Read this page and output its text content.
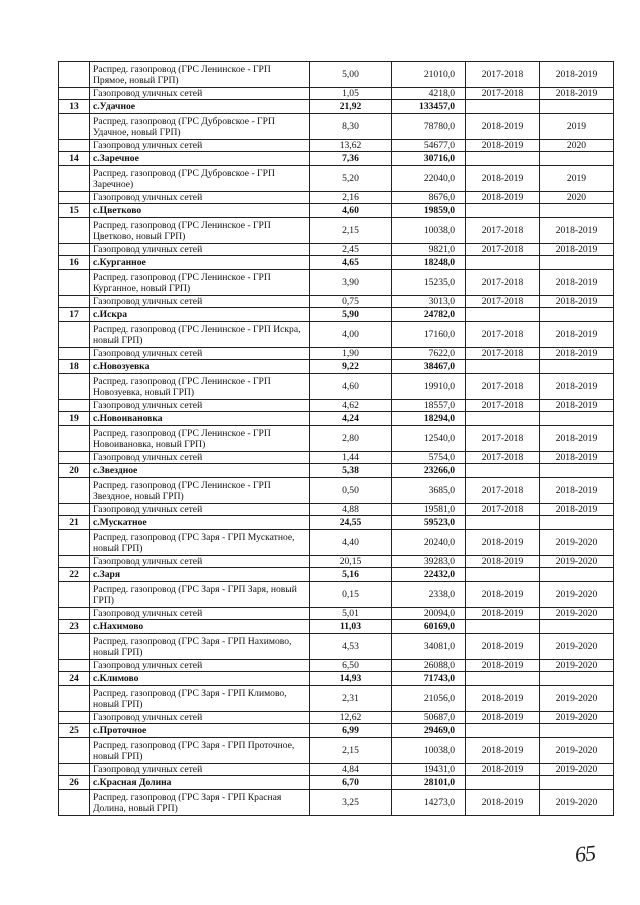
	Распред. газопровод (ГРС Ленинское - ГРП Прямое, новый ГРП)	5,00	21010,0	2017-2018	2018-2019
	Газопровод уличных сетей	1,05	4218,0	2017-2018	2018-2019
13	с.Удачное	21,92	133457,0		
	Распред. газопровод (ГРС Дубровское - ГРП Удачное, новый ГРП)	8,30	78780,0	2018-2019	2019
	Газопровод уличных сетей	13,62	54677,0	2018-2019	2020
14	с.Заречное	7,36	30716,0		
	Распред. газопровод (ГРС Дубровское - ГРП Заречное)	5,20	22040,0	2018-2019	2019
	Газопровод уличных сетей	2,16	8676,0	2018-2019	2020
15	с.Цветково	4,60	19859,0		
	Распред. газопровод (ГРС Ленинское - ГРП Цветково, новый ГРП)	2,15	10038,0	2017-2018	2018-2019
	Газопровод уличных сетей	2,45	9821,0	2017-2018	2018-2019
16	с.Курганное	4,65	18248,0		
	Распред. газопровод (ГРС Ленинское - ГРП Курганное, новый ГРП)	3,90	15235,0	2017-2018	2018-2019
	Газопровод уличных сетей	0,75	3013,0	2017-2018	2018-2019
17	с.Искра	5,90	24782,0		
	Распред. газопровод (ГРС Ленинское - ГРП Искра, новый ГРП)	4,00	17160,0	2017-2018	2018-2019
	Газопровод уличных сетей	1,90	7622,0	2017-2018	2018-2019
18	с.Новозуевка	9,22	38467,0		
	Распред. газопровод (ГРС Ленинское - ГРП Новозуевка, новый ГРП)	4,60	19910,0	2017-2018	2018-2019
	Газопровод уличных сетей	4,62	18557,0	2017-2018	2018-2019
19	с.Новоивановка	4,24	18294,0		
	Распред. газопровод (ГРС Ленинское - ГРП Новоивановка, новый ГРП)	2,80	12540,0	2017-2018	2018-2019
	Газопровод уличных сетей	1,44	5754,0	2017-2018	2018-2019
20	с.Звездное	5,38	23266,0		
	Распред. газопровод (ГРС Ленинское - ГРП Звездное, новый ГРП)	0,50	3685,0	2017-2018	2018-2019
	Газопровод уличных сетей	4,88	19581,0	2017-2018	2018-2019
21	с.Мускатное	24,55	59523,0		
	Распред. газопровод (ГРС Заря - ГРП Мускатное, новый ГРП)	4,40	20240,0	2018-2019	2019-2020
	Газопровод уличных сетей	20,15	39283,0	2018-2019	2019-2020
22	с.Заря	5,16	22432,0		
	Распред. газопровод (ГРС Заря - ГРП Заря, новый ГРП)	0,15	2338,0	2018-2019	2019-2020
	Газопровод уличных сетей	5,01	20094,0	2018-2019	2019-2020
23	с.Нахимово	11,03	60169,0		
	Распред. газопровод (ГРС Заря - ГРП Нахимово, новый ГРП)	4,53	34081,0	2018-2019	2019-2020
	Газопровод уличных сетей	6,50	26088,0	2018-2019	2019-2020
24	с.Климово	14,93	71743,0		
	Распред. газопровод (ГРС Заря - ГРП Климово, новый ГРП)	2,31	21056,0	2018-2019	2019-2020
	Газопровод уличных сетей	12,62	50687,0	2018-2019	2019-2020
25	с.Проточное	6,99	29469,0		
	Распред. газопровод (ГРС Заря - ГРП Проточное, новый ГРП)	2,15	10038,0	2018-2019	2019-2020
	Газопровод уличных сетей	4,84	19431,0	2018-2019	2019-2020
26	с.Красная Долина	6,70	28101,0		
	Распред. газопровод (ГРС Заря - ГРП Красная Долина, новый ГРП)	3,25	14273,0	2018-2019	2019-2020
65
